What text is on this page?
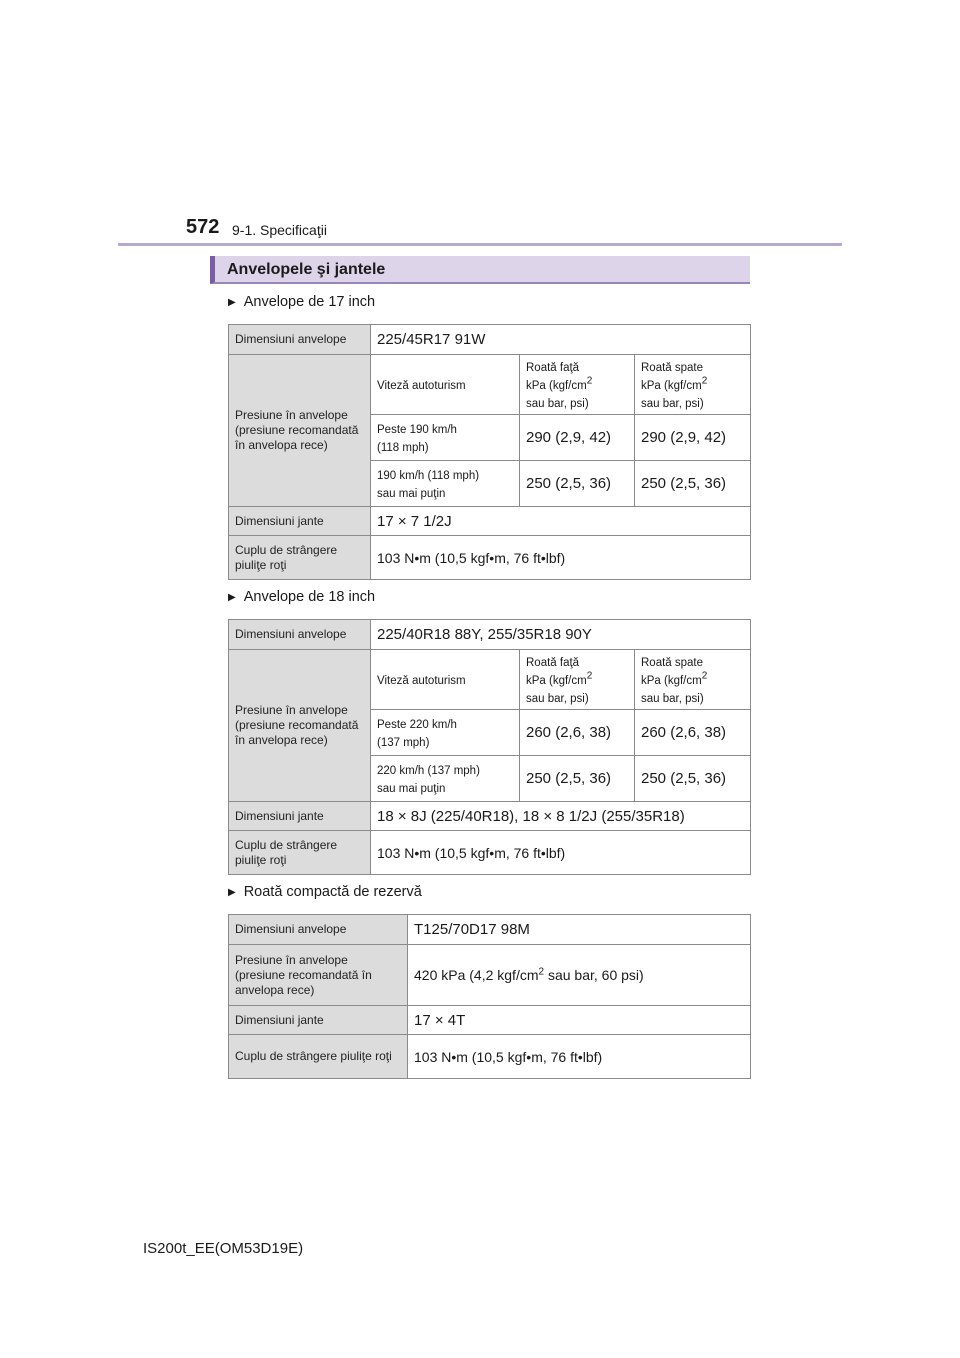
572 9-1. Specificaţii
Anvelopele şi jantele
▶ Anvelope de 17 inch
Dimensiuni anvelope	225/45R17 91W		
Presiune în anvelope (presiune recomandată în anvelopa rece)	Viteză autoturism	Roată faţă
kPa ($kgf/cm^2$
sau bar, psi)	Roată spate
kPa ($kgf/cm^2$
sau bar, psi)
	Peste 190 km/h
(118 mph)	290 (2,9, 42)	290 (2,9, 42)
	190 km/h (118 mph)
sau mai puţin	250 (2,5, 36)	250 (2,5, 36)
Dimensiuni jante	17 × 7 1/2J		
Cuplu de strângere piuliţe roţi	103 N•m (10,5 kgf•m, 76 ft•lbf)		
▶ Anvelope de 18 inch
Dimensiuni anvelope	225/40R18 88Y, 255/35R18 90Y		
Presiune în anvelope (presiune recomandată în anvelopa rece)	Viteză autoturism	Roată faţă
kPa ($kgf/cm^2$
sau bar, psi)	Roată spate
kPa ($kgf/cm^2$
sau bar, psi)
	Peste 220 km/h
(137 mph)	260 (2,6, 38)	260 (2,6, 38)
	220 km/h (137 mph)
sau mai puţin	250 (2,5, 36)	250 (2,5, 36)
Dimensiuni jante	18 × 8J (225/40R18), 18 × 8 1/2J (255/35R18)		
Cuplu de strângere piuliţe roţi	103 N•m (10,5 kgf•m, 76 ft•lbf)		
▶ Roată compactă de rezervă
Dimensiuni anvelope	T125/70D17 98M
Presiune în anvelope (presiune recomandată în anvelopa rece)	420 kPa (4,2 kgf/$cm^2$ sau bar, 60 psi)
Dimensiuni jante	17 × 4T
Cuplu de strângere piuliţe roţi	103 N•m (10,5 kgf•m, 76 ft•lbf)
IS200t_EE(OM53D19E)
